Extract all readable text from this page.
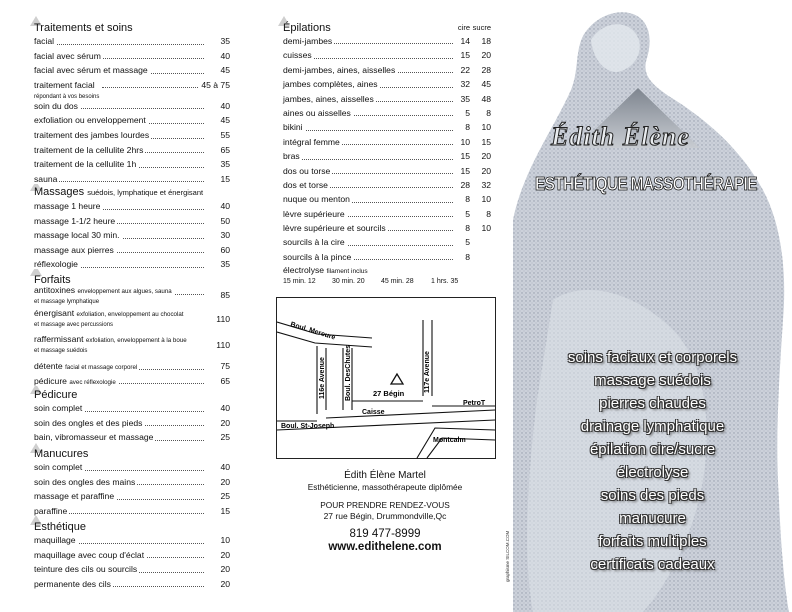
Traitements et soins
facial	35
facial avec sérum	40
facial avec sérum et massage	45
traitement facial
répondant à vos besoins
45 à 75
soin du dos	40
exfoliation ou enveloppement	45
traitement des jambes lourdes	55
traitement de la cellulite 2hrs	65
traitement de la cellulite 1h	35
sauna	15
Massages suédois, lymphatique et énergisant
massage 1 heure	40
massage 1-1/2 heure	50
massage local 30 min.	30
massage aux pierres	60
réflexologie	35
Forfaits
antitoxines enveloppement aux algues, sauna
et massage lymphatique
85
énergisant exfoliation, enveloppement au chocolat
et massage avec percussions
110
raffermissant exfoliation, enveloppement à la boue
et massage suédois
110
détente facial et massage corporel	75
pédicure avec réflexologie	65
Pédicure
soin complet	40
soin des ongles et des pieds	20
bain, vibromasseur et massage	25
Manucures
soin complet	40
soin des ongles des mains	20
massage et paraffine	25
paraffine	15
Esthétique
maquillage	10
maquillage avec coup d'éclat	20
teinture des cils ou sourcils	20
permanente des cils	20
Épilations	cire sucre
demi-jambes	14	18
cuisses	15	20
demi-jambes, aines, aisselles	22	28
jambes complètes, aines	32	45
jambes, aines, aisselles	35	48
aines ou aisselles	5	8
bikini	8	10
intégral femme	10	15
bras	15	20
dos ou torse	15	20
dos et torse	28	32
nuque ou menton	8	10
lèvre supérieure	5	8
lèvre supérieure et sourcils	8	10
sourcils à la cire	5
sourcils à la pince	8
électrolyse filament inclus
15 min. 12 30 min. 20 45 min. 28 1 hrs. 35
Boul. Mercure
116e Avenue	Boul. DesChutes	117e Avenue
27 Bégin
Caisse
PetroT
Boul. St-Joseph
Montcalm
Édith Élène Martel
Esthéticienne, massothérapeute diplômée
POUR PRENDRE RENDEZ-VOUS
27 rue Bégin, Drummondville,Qc
819 477-8999
www.edithelene.com	graphisme SILCOM.COM
Édith Élène
ESTHÉTIQUE MASSOTHÉRAPIE
soins faciaux et corporels
massage suédois
pierres chaudes
drainage lymphatique
épilation cire/sucre
électrolyse
soins des pieds
manucure
forfaits multiples
certificats cadeaux
